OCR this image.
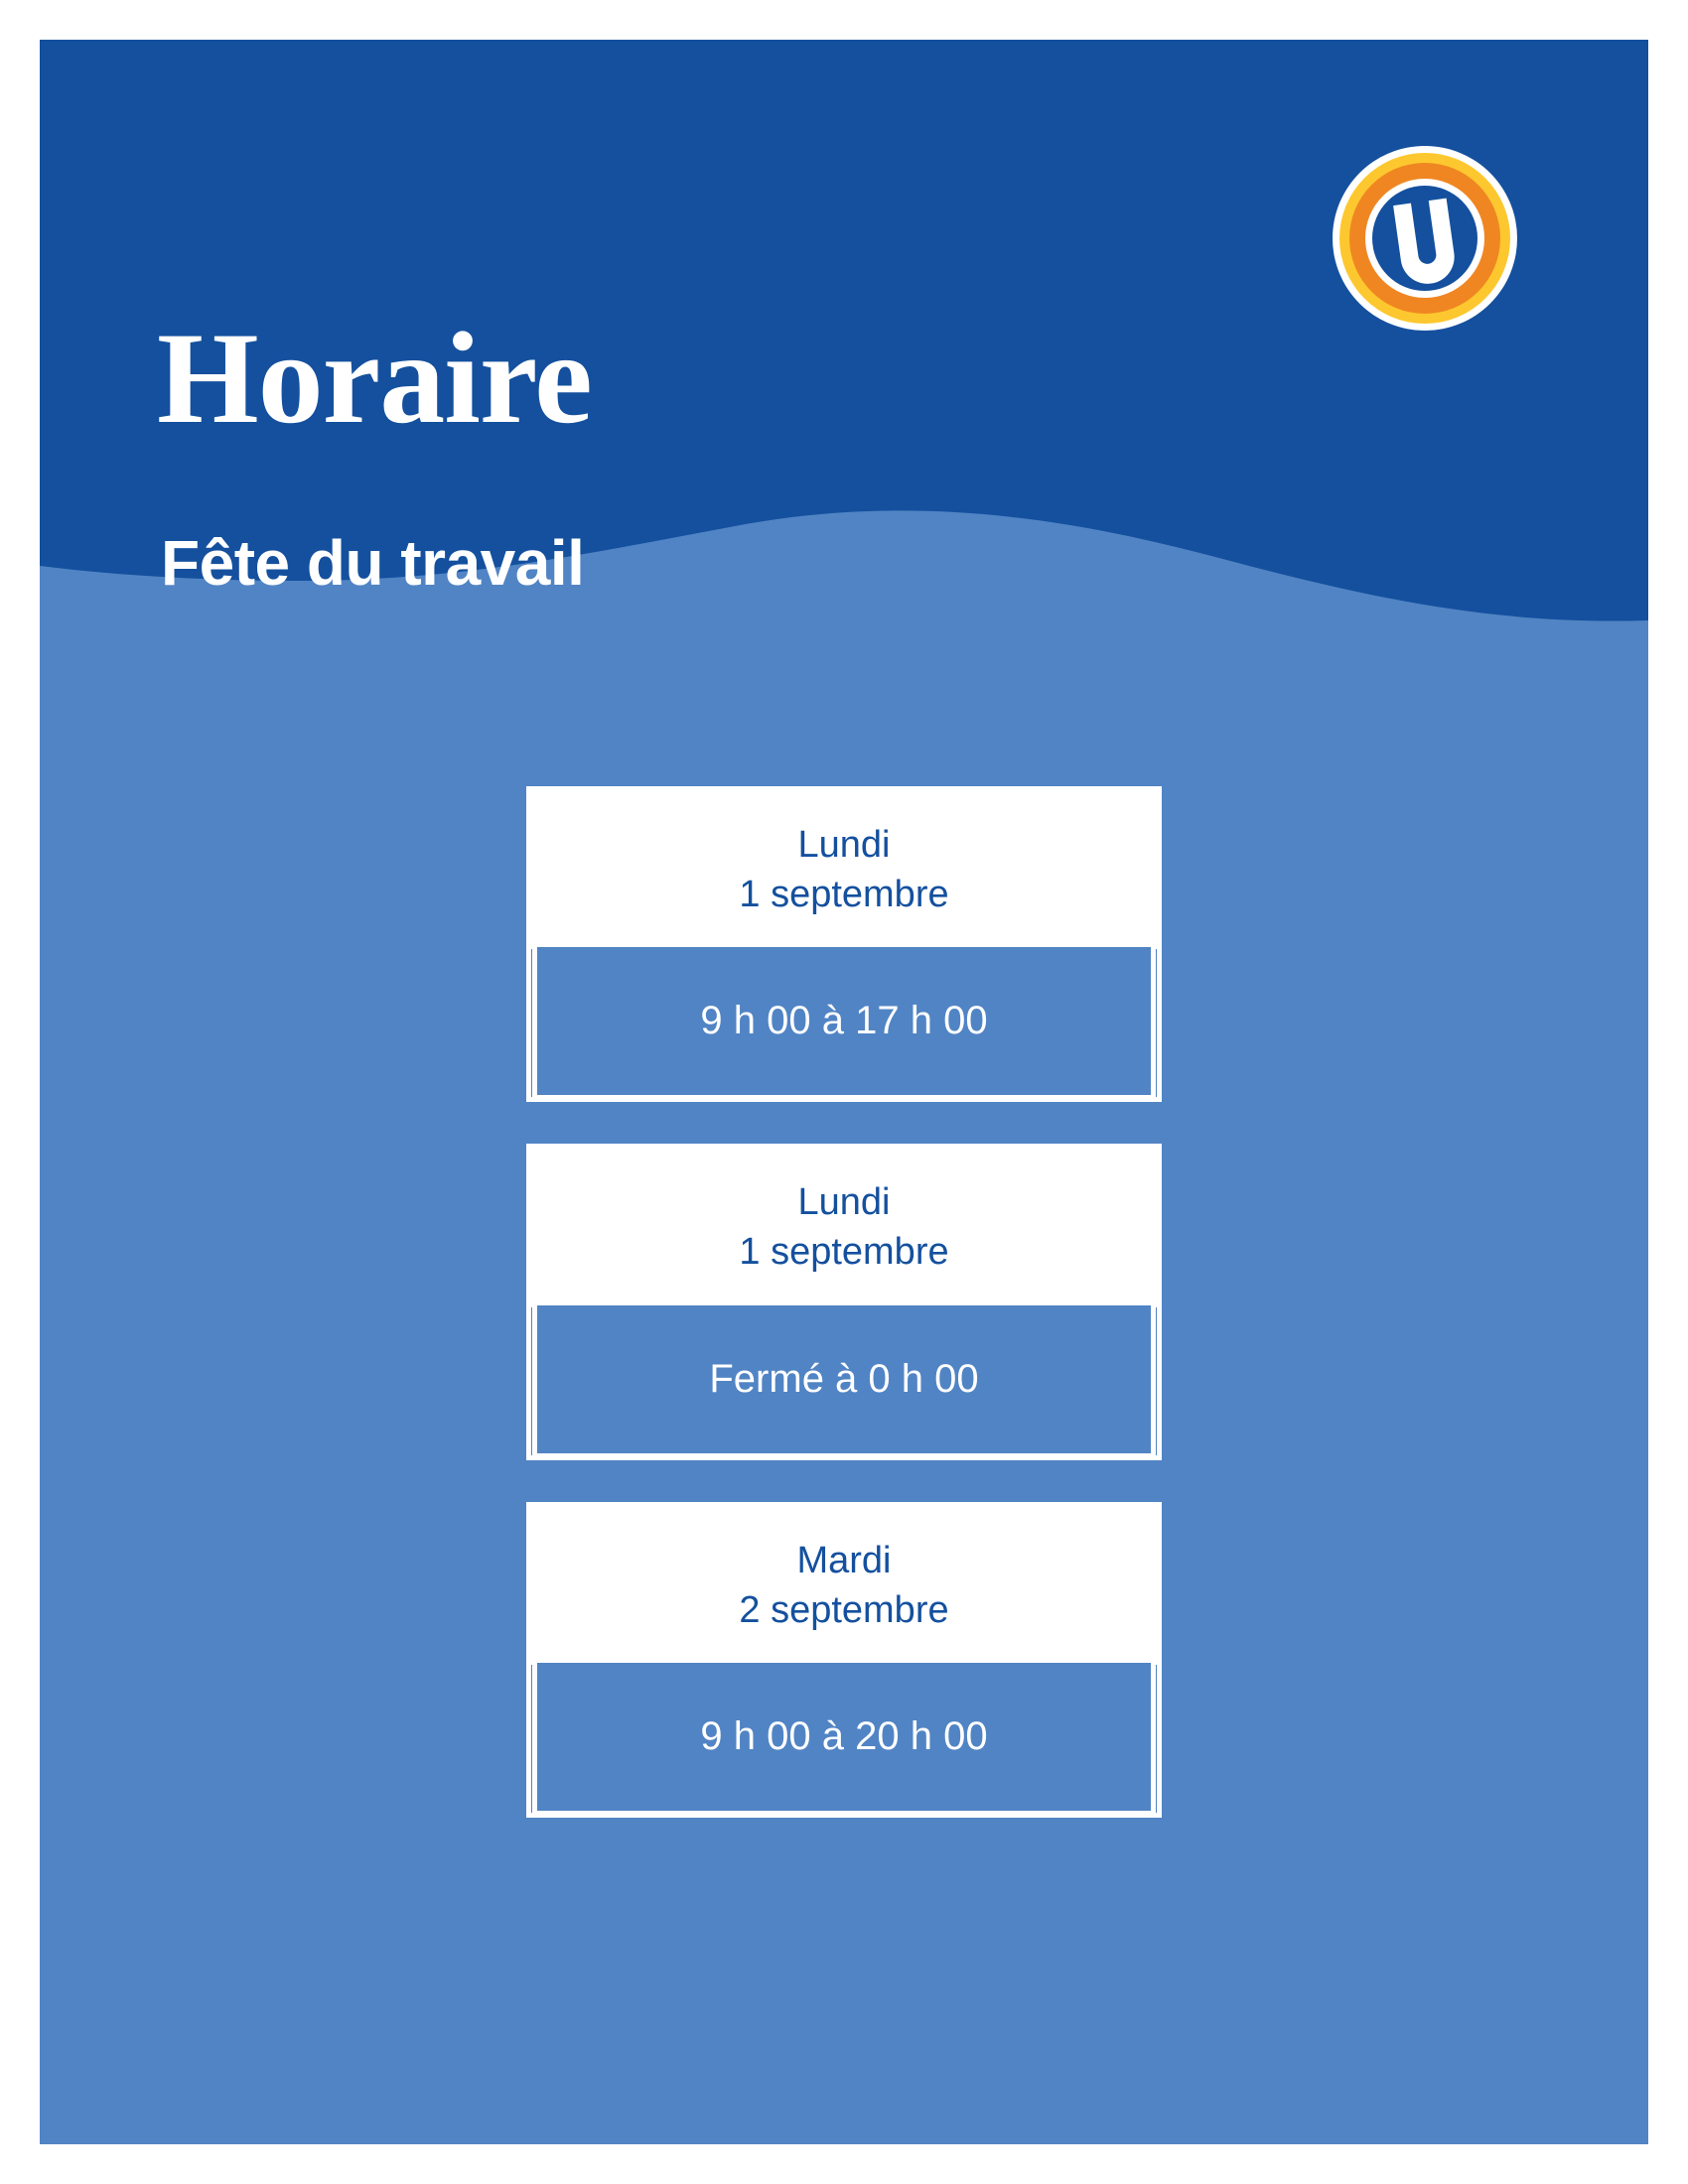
Horaire

Fête du travail

Lundi
1 septembre
9 h 00 à 17 h 00
Lundi
1 septembre
Fermé à 0 h 00
Mardi
2 septembre
9 h 00 à 20 h 00
